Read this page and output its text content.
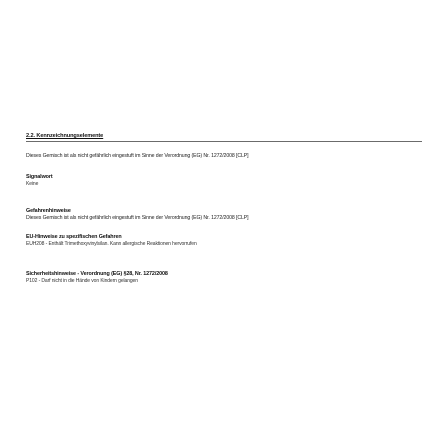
2.2. Kennzeichnungselemente
Dieses Gemisch ist als nicht gefährlich eingestuft im Sinne der Verordnung (EG) Nr. 1272/2008 [CLP]
Signalwort
Keine
Gefahrenhinweise
Dieses Gemisch ist als nicht gefährlich eingestuft im Sinne der Verordnung (EG) Nr. 1272/2008 [CLP]
EU-Hinweise zu spezifischen Gefahren
EUH208 - Enthält Trimethoxyvinylsilan. Kann allergische Reaktionen hervorrufen
Sicherheitshinweise - Verordnung (EG) §28, Nr. 1272/2008
P102 - Darf nicht in die Hände von Kindern gelangen
